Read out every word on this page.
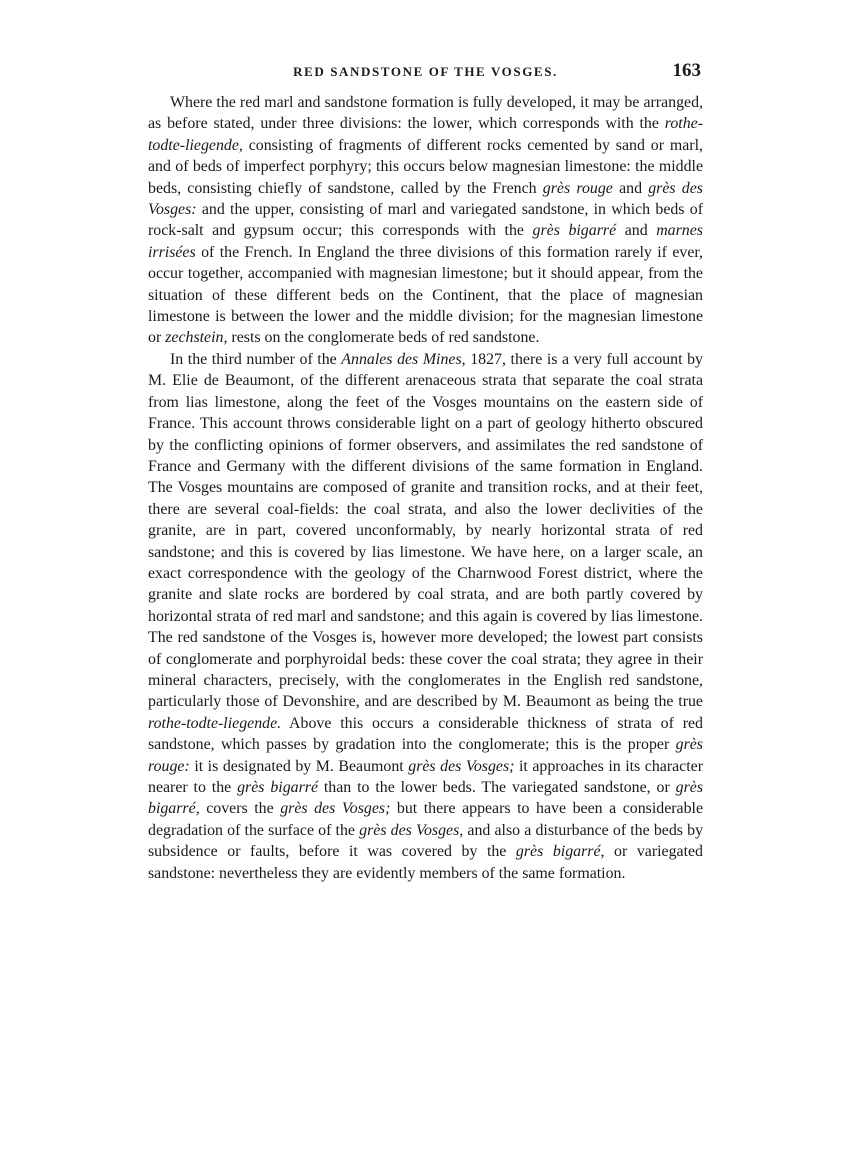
RED SANDSTONE OF THE VOSGES.	163

Where the red marl and sandstone formation is fully developed, it may be arranged, as before stated, under three divisions: the lower, which corresponds with the rothe-todte-liegende, consisting of fragments of different rocks cemented by sand or marl, and of beds of imperfect porphyry; this occurs below magnesian limestone: the middle beds, consisting chiefly of sandstone, called by the French grès rouge and grès des Vosges: and the upper, consisting of marl and variegated sandstone, in which beds of rock-salt and gypsum occur; this corresponds with the grès bigarré and marnes irrisées of the French. In England the three divisions of this formation rarely if ever, occur together, accompanied with magnesian limestone; but it should appear, from the situation of these different beds on the Continent, that the place of magnesian limestone is between the lower and the middle division; for the magnesian limestone or zechstein, rests on the conglomerate beds of red sandstone.

In the third number of the Annales des Mines, 1827, there is a very full account by M. Elie de Beaumont, of the different arenaceous strata that separate the coal strata from lias limestone, along the feet of the Vosges mountains on the eastern side of France. This account throws considerable light on a part of geology hitherto obscured by the conflicting opinions of former observers, and assimilates the red sandstone of France and Germany with the different divisions of the same formation in England. The Vosges mountains are composed of granite and transition rocks, and at their feet, there are several coal-fields: the coal strata, and also the lower declivities of the granite, are in part, covered unconformably, by nearly horizontal strata of red sandstone; and this is covered by lias limestone. We have here, on a larger scale, an exact correspondence with the geology of the Charnwood Forest district, where the granite and slate rocks are bordered by coal strata, and are both partly covered by horizontal strata of red marl and sandstone; and this again is covered by lias limestone. The red sandstone of the Vosges is, however more developed; the lowest part consists of conglomerate and porphyroidal beds: these cover the coal strata; they agree in their mineral characters, precisely, with the conglomerates in the English red sandstone, particularly those of Devonshire, and are described by M. Beaumont as being the true rothe-todte-liegende. Above this occurs a considerable thickness of strata of red sandstone, which passes by gradation into the conglomerate; this is the proper grès rouge: it is designated by M. Beaumont grès des Vosges; it approaches in its character nearer to the grès bigarré than to the lower beds. The variegated sandstone, or grès bigarré, covers the grès des Vosges; but there appears to have been a considerable degradation of the surface of the grès des Vosges, and also a disturbance of the beds by subsidence or faults, before it was covered by the grès bigarré, or variegated sandstone: nevertheless they are evidently members of the same formation.
